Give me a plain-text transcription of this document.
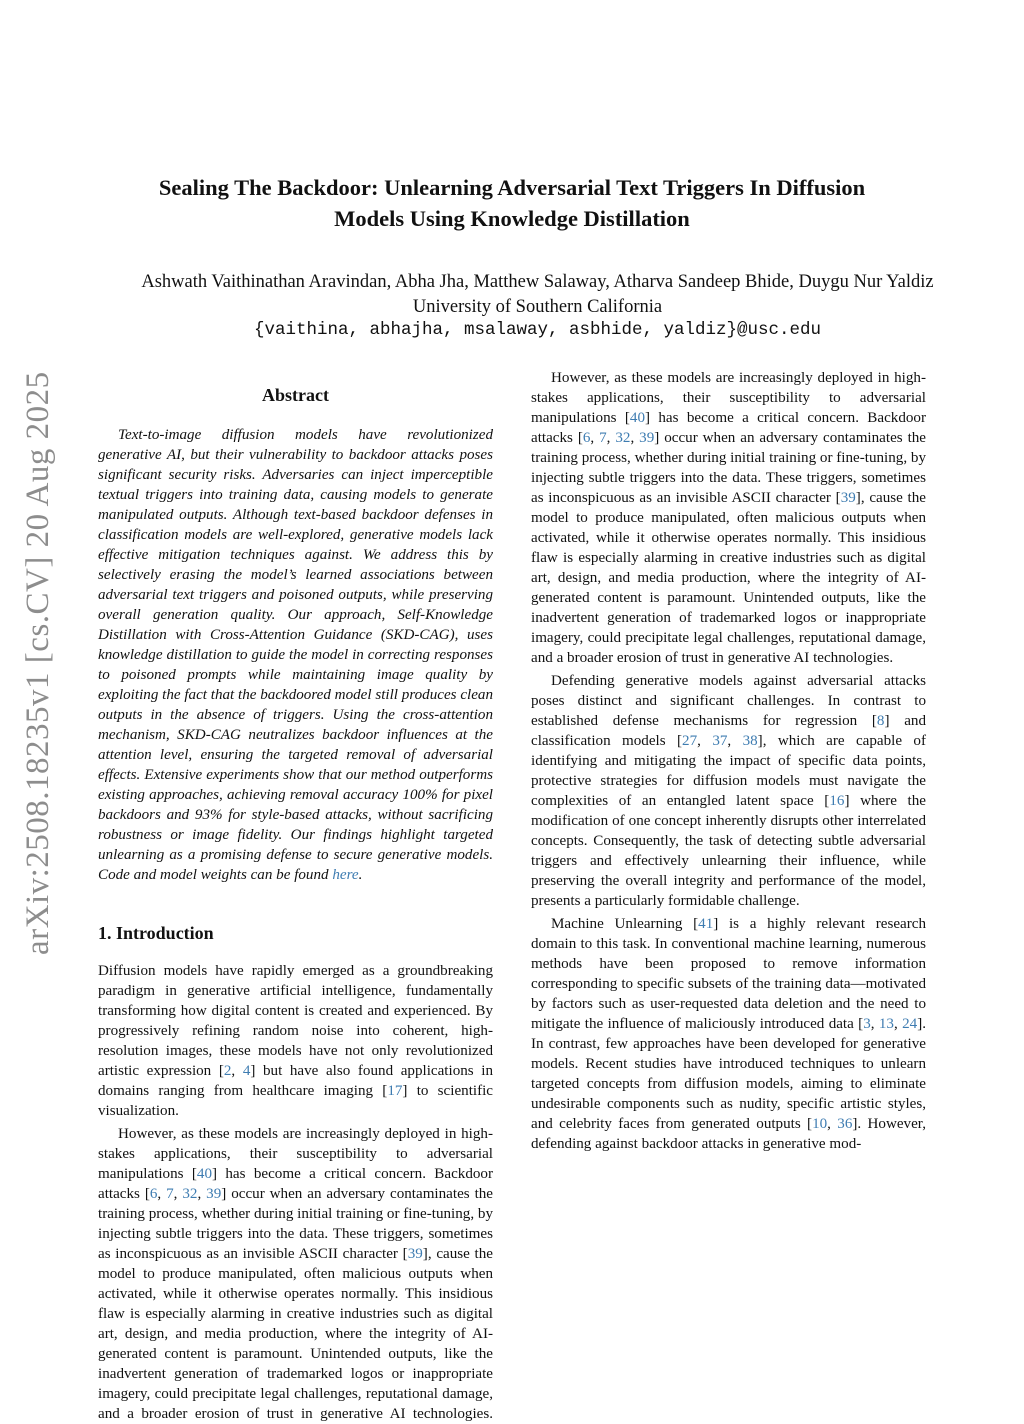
arXiv:2508.18235v1 [cs.CV] 20 Aug 2025
Sealing The Backdoor: Unlearning Adversarial Text Triggers In Diffusion
Models Using Knowledge Distillation
Ashwath Vaithinathan Aravindan, Abha Jha, Matthew Salaway, Atharva Sandeep Bhide, Duygu Nur Yaldiz
University of Southern California
{vaithina, abhajha, msalaway, asbhide, yaldiz}@usc.edu
Abstract

Text-to-image diffusion models have revolutionized generative AI, but their vulnerability to backdoor attacks poses significant security risks. Adversaries can inject imperceptible textual triggers into training data, causing models to generate manipulated outputs. Although text-based backdoor defenses in classification models are well-explored, generative models lack effective mitigation techniques against. We address this by selectively erasing the model’s learned associations between adversarial text triggers and poisoned outputs, while preserving overall generation quality. Our approach, Self-Knowledge Distillation with Cross-Attention Guidance (SKD-CAG), uses knowledge distillation to guide the model in correcting responses to poisoned prompts while maintaining image quality by exploiting the fact that the backdoored model still produces clean outputs in the absence of triggers. Using the cross-attention mechanism, SKD-CAG neutralizes backdoor influences at the attention level, ensuring the targeted removal of adversarial effects. Extensive experiments show that our method outperforms existing approaches, achieving removal accuracy 100% for pixel backdoors and 93% for style-based attacks, without sacrificing robustness or image fidelity. Our findings highlight targeted unlearning as a promising defense to secure generative models. Code and model weights can be found here.

1. Introduction

Diffusion models have rapidly emerged as a groundbreaking paradigm in generative artificial intelligence, fundamentally transforming how digital content is created and experienced. By progressively refining random noise into coherent, high-resolution images, these models have not only revolutionized artistic expression [2, 4] but have also found applications in domains ranging from healthcare imaging [17] to scientific visualization.

However, as these models are increasingly deployed in high-stakes applications, their susceptibility to adversarial manipulations [40] has become a critical concern. Backdoor attacks [6, 7, 32, 39] occur when an adversary contaminates the training process, whether during initial training or fine-tuning, by injecting subtle triggers into the data. These triggers, sometimes as inconspicuous as an invisible ASCII character [39], cause the model to produce manipulated, often malicious outputs when activated, while it otherwise operates normally. This insidious flaw is especially alarming in creative industries such as digital art, design, and media production, where the integrity of AI-generated content is paramount. Unintended outputs, like the inadvertent generation of trademarked logos or inappropriate imagery, could precipitate legal challenges, reputational damage, and a broader erosion of trust in generative AI technologies.

However, as these models are increasingly deployed in high-stakes applications, their susceptibility to adversarial manipulations [40] has become a critical concern. Backdoor attacks [6, 7, 32, 39] occur when an adversary contaminates the training process, whether during initial training or fine-tuning, by injecting subtle triggers into the data. These triggers, sometimes as inconspicuous as an invisible ASCII character [39], cause the model to produce manipulated, often malicious outputs when activated, while it otherwise operates normally. This insidious flaw is especially alarming in creative industries such as digital art, design, and media production, where the integrity of AI-generated content is paramount. Unintended outputs, like the inadvertent generation of trademarked logos or inappropriate imagery, could precipitate legal challenges, reputational damage, and a broader erosion of trust in generative AI technologies.

Defending generative models against adversarial attacks poses distinct and significant challenges. In contrast to established defense mechanisms for regression [8] and classification models [27, 37, 38], which are capable of identifying and mitigating the impact of specific data points, protective strategies for diffusion models must navigate the complexities of an entangled latent space [16] where the modification of one concept inherently disrupts other interrelated concepts. Consequently, the task of detecting subtle adversarial triggers and effectively unlearning their influence, while preserving the overall integrity and performance of the model, presents a particularly formidable challenge.

Machine Unlearning [41] is a highly relevant research domain to this task. In conventional machine learning, numerous methods have been proposed to remove information corresponding to specific subsets of the training data—motivated by factors such as user-requested data deletion and the need to mitigate the influence of maliciously introduced data [3, 13, 24]. In contrast, few approaches have been developed for generative models. Recent studies have introduced techniques to unlearn targeted concepts from diffusion models, aiming to eliminate undesirable components such as nudity, specific artistic styles, and celebrity faces from generated outputs [10, 36]. However, defending against backdoor attacks in generative mod-
